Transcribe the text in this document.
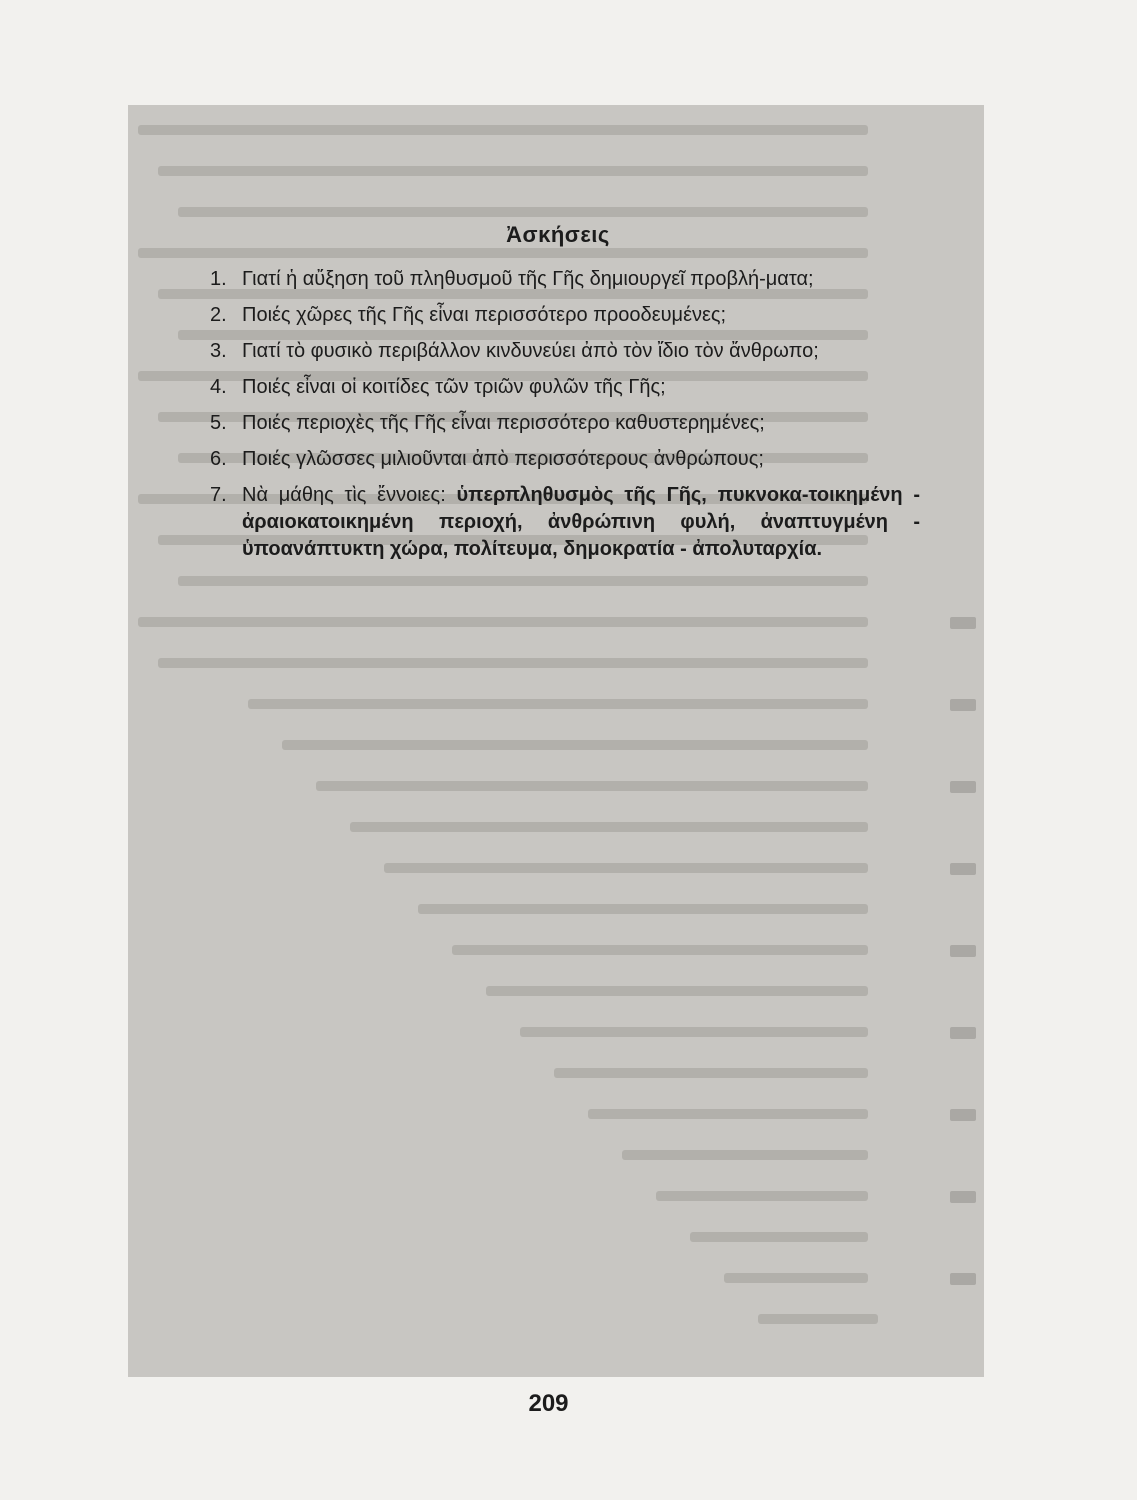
Ἀσκήσεις
1. Γιατί ἡ αὔξηση τοῦ πληθυσμοῦ τῆς Γῆς δημιουργεῖ προβλή-ματα;
2. Ποιές χῶρες τῆς Γῆς εἶναι περισσότερο προοδευμένες;
3. Γιατί τὸ φυσικὸ περιβάλλον κινδυνεύει ἀπὸ τὸν ἴδιο τὸν ἄνθρωπο;
4. Ποιές εἶναι οἱ κοιτίδες τῶν τριῶν φυλῶν τῆς Γῆς;
5. Ποιές περιοχὲς τῆς Γῆς εἶναι περισσότερο καθυστερημένες;
6. Ποιές γλῶσσες μιλιοῦνται ἀπὸ περισσότερους ἀνθρώπους;
7. Νὰ μάθης τὶς ἔννοιες: ὑπερπληθυσμὸς τῆς Γῆς, πυκνοκα-τοικημένη - ἀραιοκατοικημένη περιοχή, ἀνθρώπινη φυλή, ἀναπτυγμένη - ὑποανάπτυκτη χώρα, πολίτευμα, δημοκρατία - ἀπολυταρχία.
209
